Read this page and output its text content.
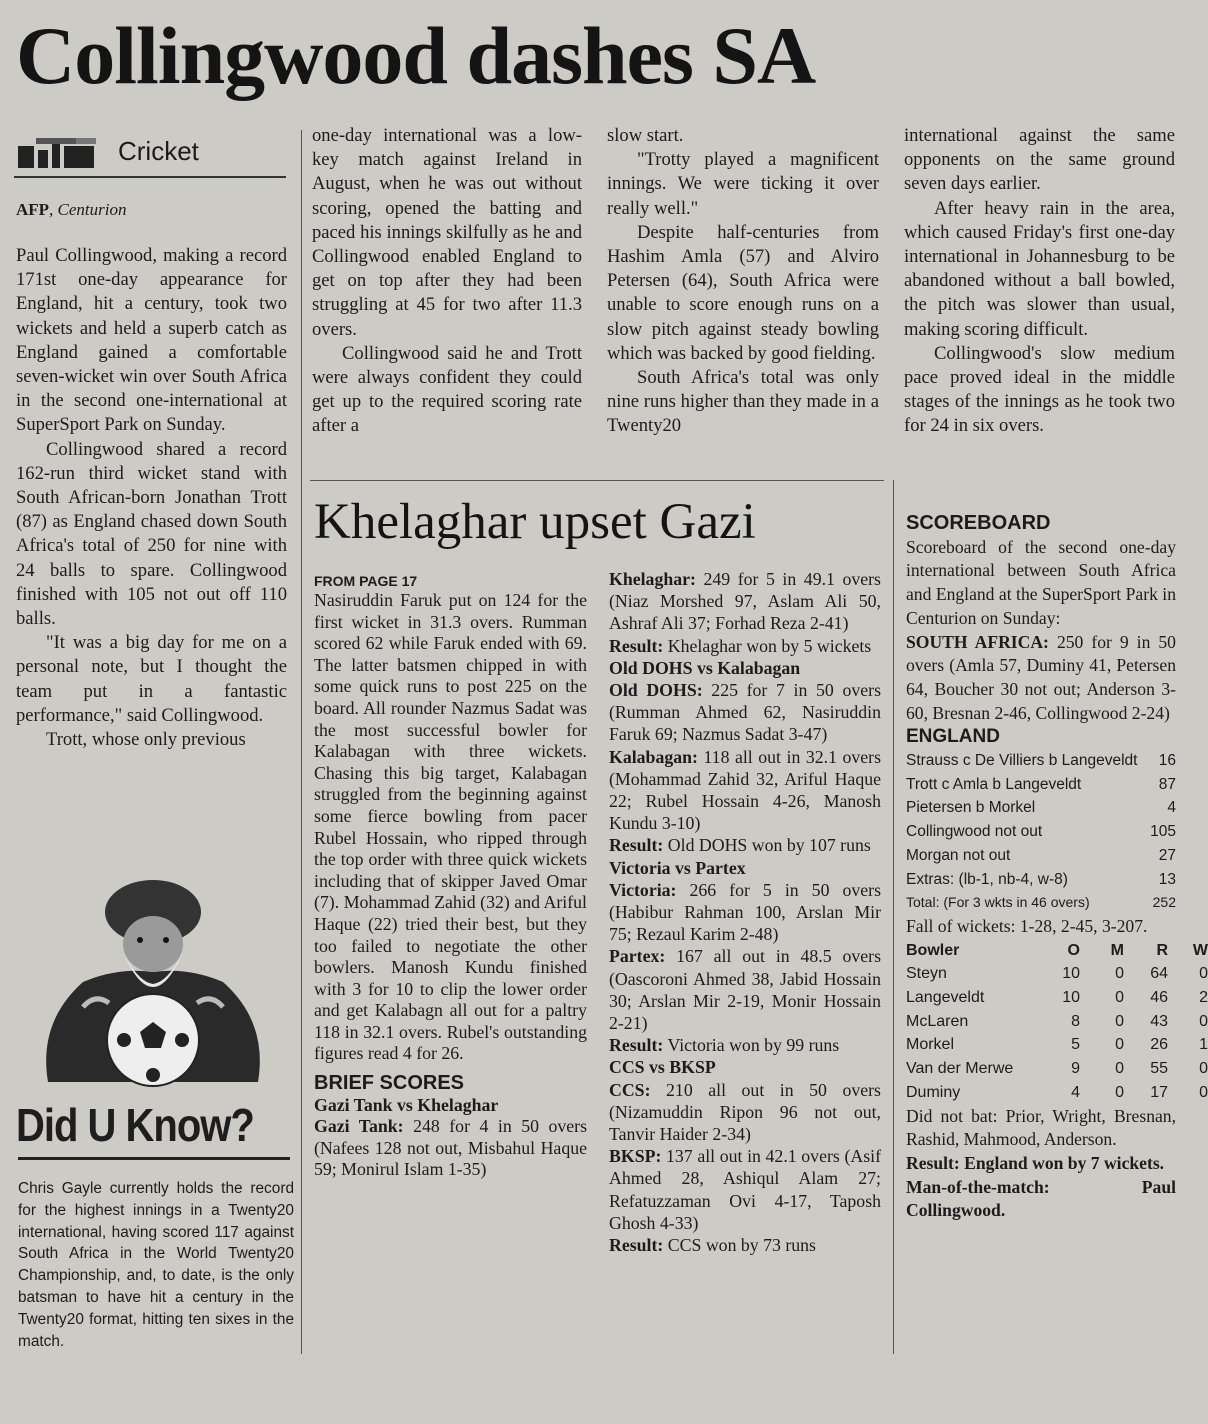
Collingwood dashes SA
Cricket
AFP, Centurion

Paul Collingwood, making a record 171st one-day appearance for England, hit a century, took two wickets and held a superb catch as England gained a comfortable seven-wicket win over South Africa in the second one-international at SuperSport Park on Sunday.

Collingwood shared a record 162-run third wicket stand with South African-born Jonathan Trott (87) as England chased down South Africa's total of 250 for nine with 24 balls to spare. Collingwood finished with 105 not out off 110 balls.

"It was a big day for me on a personal note, but I thought the team put in a fantastic performance," said Collingwood.

Trott, whose only previous

Did U Know?
Chris Gayle currently holds the record for the highest innings in a Twenty20 international, having scored 117 against South Africa in the World Twenty20 Championship, and, to date, is the only batsman to have hit a century in the Twenty20 format, hitting ten sixes in the match.

one-day international was a low-key match against Ireland in August, when he was out without scoring, opened the batting and paced his innings skilfully as he and Collingwood enabled England to get on top after they had been struggling at 45 for two after 11.3 overs.

Collingwood said he and Trott were always confident they could get up to the required scoring rate after a

slow start.

"Trotty played a magnificent innings. We were ticking it over really well."

Despite half-centuries from Hashim Amla (57) and Alviro Petersen (64), South Africa were unable to score enough runs on a slow pitch against steady bowling which was backed by good fielding.

South Africa's total was only nine runs higher than they made in a Twenty20

international against the same opponents on the same ground seven days earlier.

After heavy rain in the area, which caused Friday's first one-day international in Johannesburg to be abandoned without a ball bowled, the pitch was slower than usual, making scoring difficult.

Collingwood's slow medium pace proved ideal in the middle stages of the innings as he took two for 24 in six overs.

SCOREBOARD

Scoreboard of the second one-day international between South Africa and England at the SuperSport Park in Centurion on Sunday:

SOUTH AFRICA: 250 for 9 in 50 overs (Amla 57, Duminy 41, Petersen 64, Boucher 30 not out; Anderson 3-60, Bresnan 2-46, Collingwood 2-24)

ENGLAND
Strauss c De Villiers b Langeveldt 16
Trott c Amla b Langeveldt	87
Pietersen b Morkel	4
Collingwood not out	105
Morgan not out	27
Extras: (lb-1, nb-4, w-8)	13
Total: (For 3 wkts in 46 overs)	252

Fall of wickets: 1-28, 2-45, 3-207.

Bowler	O	M	R	W
Steyn	10	0	64	0
Langeveldt	10	0	46	2
McLaren	8	0	43	0
Morkel	5	0	26	1
Van der Merwe	9	0	55	0
Duminy	4	0	17	0

Did not bat: Prior, Wright, Bresnan, Rashid, Mahmood, Anderson.

Result: England won by 7 wickets.

Man-of-the-match: Paul Collingwood.

Khelaghar upset Gazi
FROM PAGE 17

Nasiruddin Faruk put on 124 for the first wicket in 31.3 overs. Rumman scored 62 while Faruk ended with 69. The latter batsmen chipped in with some quick runs to post 225 on the board. All rounder Nazmus Sadat was the most successful bowler for Kalabagan with three wickets. Chasing this big target, Kalabagan struggled from the beginning against some fierce bowling from pacer Rubel Hossain, who ripped through the top order with three quick wickets including that of skipper Javed Omar (7). Mohammad Zahid (32) and Ariful Haque (22) tried their best, but they too failed to negotiate the other bowlers. Manosh Kundu finished with 3 for 10 to clip the lower order and get Kalabagn all out for a paltry 118 in 32.1 overs. Rubel's outstanding figures read 4 for 26.

BRIEF SCORES
Gazi Tank vs Khelaghar

Gazi Tank: 248 for 4 in 50 overs (Nafees 128 not out, Misbahul Haque 59; Monirul Islam 1-35)

Khelaghar: 249 for 5 in 49.1 overs (Niaz Morshed 97, Aslam Ali 50, Ashraf Ali 37; Forhad Reza 2-41)

Result: Khelaghar won by 5 wickets

Old DOHS vs Kalabagan

Old DOHS: 225 for 7 in 50 overs (Rumman Ahmed 62, Nasiruddin Faruk 69; Nazmus Sadat 3-47)

Kalabagan: 118 all out in 32.1 overs (Mohammad Zahid 32, Ariful Haque 22; Rubel Hossain 4-26, Manosh Kundu 3-10)

Result: Old DOHS won by 107 runs

Victoria vs Partex

Victoria: 266 for 5 in 50 overs (Habibur Rahman 100, Arslan Mir 75; Rezaul Karim 2-48)

Partex: 167 all out in 48.5 overs (Oascoroni Ahmed 38, Jabid Hossain 30; Arslan Mir 2-19, Monir Hossain 2-21)

Result: Victoria won by 99 runs

CCS vs BKSP

CCS: 210 all out in 50 overs (Nizamuddin Ripon 96 not out, Tanvir Haider 2-34)

BKSP: 137 all out in 42.1 overs (Asif Ahmed 28, Ashiqul Alam 27; Refatuzzaman Ovi 4-17, Taposh Ghosh 4-33)

Result: CCS won by 73 runs
